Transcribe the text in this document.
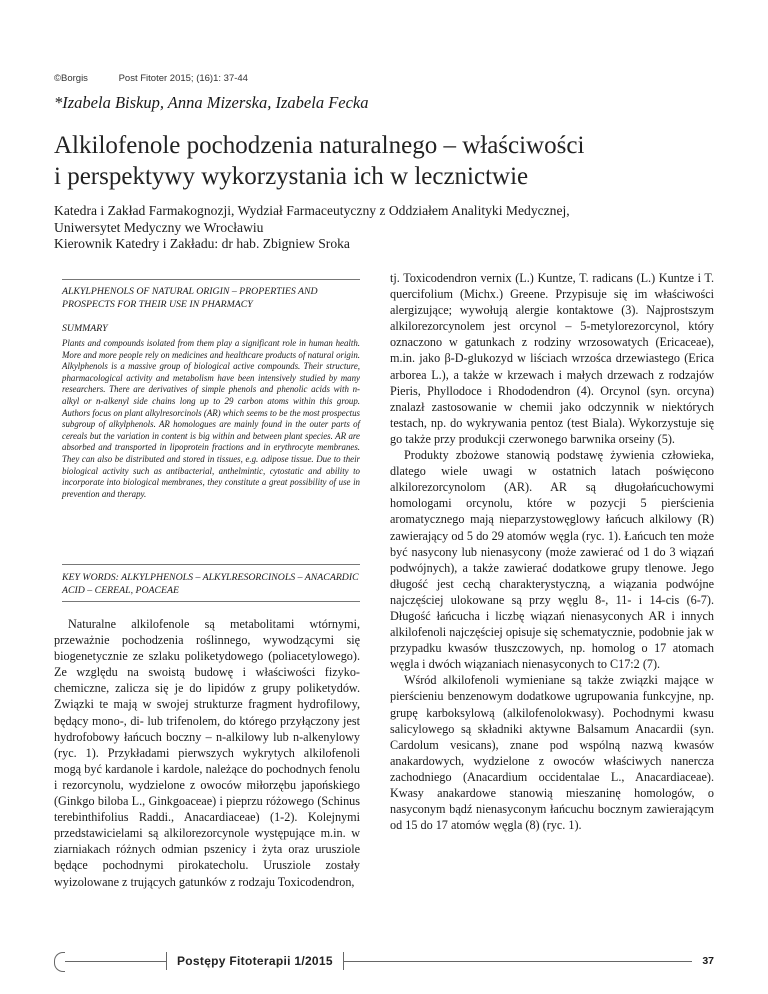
©Borgis	Post Fitoter 2015; (16)1: 37-44
*Izabela Biskup, Anna Mizerska, Izabela Fecka
Alkilofenole pochodzenia naturalnego – właściwości
i perspektywy wykorzystania ich w lecznictwie
Katedra i Zakład Farmakognozji, Wydział Farmaceutyczny z Oddziałem Analityki Medycznej,
Uniwersytet Medyczny we Wrocławiu
Kierownik Katedry i Zakładu: dr hab. Zbigniew Sroka
ALKYLPHENOLS OF NATURAL ORIGIN – PROPERTIES AND PROSPECTS FOR THEIR USE IN PHARMACY
SUMMARY
Plants and compounds isolated from them play a significant role in human health. More and more people rely on medicines and healthcare products of natural origin. Alkylphenols is a massive group of biological active compounds. Their structure, pharmacological activity and metabolism have been intensively studied by many researchers. There are derivatives of simple phenols and phenolic acids with n-alkyl or n-alkenyl side chains long up to 29 carbon atoms within this group. Authors focus on plant alkylresorcinols (AR) which seems to be the most prospectus subgroup of alkylphenols. AR homologues are mainly found in the outer parts of cereals but the variation in content is big within and between plant species. AR are absorbed and transported in lipoprotein fractions and in erythrocyte membranes. They can also be distributed and stored in tissues, e.g. adipose tissue. Due to their biological activity such as antibacterial, anthelmintic, cytostatic and ability to incorporate into biological membranes, they constitute a great possibility of use in prevention and therapy.
KEY WORDS: ALKYLPHENOLS – ALKYLRESORCINOLS – ANACARDIC ACID – CEREAL, POACEAE

Naturalne alkilofenole są metabolitami wtórnymi, przeważnie pochodzenia roślinnego, wywodzącymi się biogenetycznie ze szlaku poliketydowego (poliacetylowego). Ze względu na swoistą budowę i właściwości fizyko-chemiczne, zalicza się je do lipidów z grupy poliketydów. Związki te mają w swojej strukturze fragment hydrofilowy, będący mono-, di- lub trifenolem, do którego przyłączony jest hydrofobowy łańcuch boczny – n-alkilowy lub n-alkenylowy (ryc. 1). Przykładami pierwszych wykrytych alkilofenoli mogą być kardanole i kardole, należące do pochodnych fenolu i rezorcynolu, wydzielone z owoców miłorzębu japońskiego (Ginkgo biloba L., Ginkgoaceae) i pieprzu różowego (Schinus terebinthifolius Raddi., Anacardiaceae) (1-2). Kolejnymi przedstawicielami są alkilorezorcynole występujące m.in. w ziarniakach różnych odmian pszenicy i żyta oraz urusziole będące pochodnymi pirokatecholu. Urusziole zostały wyizolowane z trujących gatunków z rodzaju Toxicodendron,

tj. Toxicodendron vernix (L.) Kuntze, T. radicans (L.) Kuntze i T. quercifolium (Michx.) Greene. Przypisuje się im właściwości alergizujące; wywołują alergie kontaktowe (3). Najprostszym alkilorezorcynolem jest orcynol – 5-metylorezorcynol, który oznaczono w gatunkach z rodziny wrzosowatych (Ericaceae), m.in. jako β-D-glukozyd w liściach wrzośca drzewiastego (Erica arborea L.), a także w krzewach i małych drzewach z rodzajów Pieris, Phyllodoce i Rhododendron (4). Orcynol (syn. orcyna) znalazł zastosowanie w chemii jako odczynnik w niektórych testach, np. do wykrywania pentoz (test Biala). Wykorzystuje się go także przy produkcji czerwonego barwnika orseiny (5).

Produkty zbożowe stanowią podstawę żywienia człowieka, dlatego wiele uwagi w ostatnich latach poświęcono alkilorezorcynolom (AR). AR są długołańcuchowymi homologami orcynolu, które w pozycji 5 pierścienia aromatycznego mają nieparzystowęglowy łańcuch alkilowy (R) zawierający od 5 do 29 atomów węgla (ryc. 1). Łańcuch ten może być nasycony lub nienasycony (może zawierać od 1 do 3 wiązań podwójnych), a także zawierać dodatkowe grupy tlenowe. Jego długość jest cechą charakterystyczną, a wiązania podwójne najczęściej ulokowane są przy węglu 8-, 11- i 14-cis (6-7). Długość łańcucha i liczbę wiązań nienasyconych AR i innych alkilofenoli najczęściej opisuje się schematycznie, podobnie jak w przypadku kwasów tłuszczowych, np. homolog o 17 atomach węgla i dwóch wiązaniach nienasyconych to C17:2 (7).

Wśród alkilofenoli wymieniane są także związki mające w pierścieniu benzenowym dodatkowe ugrupowania funkcyjne, np. grupę karboksylową (alkilofenolokwasy). Pochodnymi kwasu salicylowego są składniki aktywne Balsamum Anacardii (syn. Cardolum vesicans), znane pod wspólną nazwą kwasów anakardowych, wydzielone z owoców właściwych nanercza zachodniego (Anacardium occidentalae L., Anacardiaceae). Kwasy anakardowe stanowią mieszaninę homologów, o nasyconym bądź nienasyconym łańcuchu bocznym zawierającym od 15 do 17 atomów węgla (8) (ryc. 1).

Postępy Fitoterapii 1/2015	37
